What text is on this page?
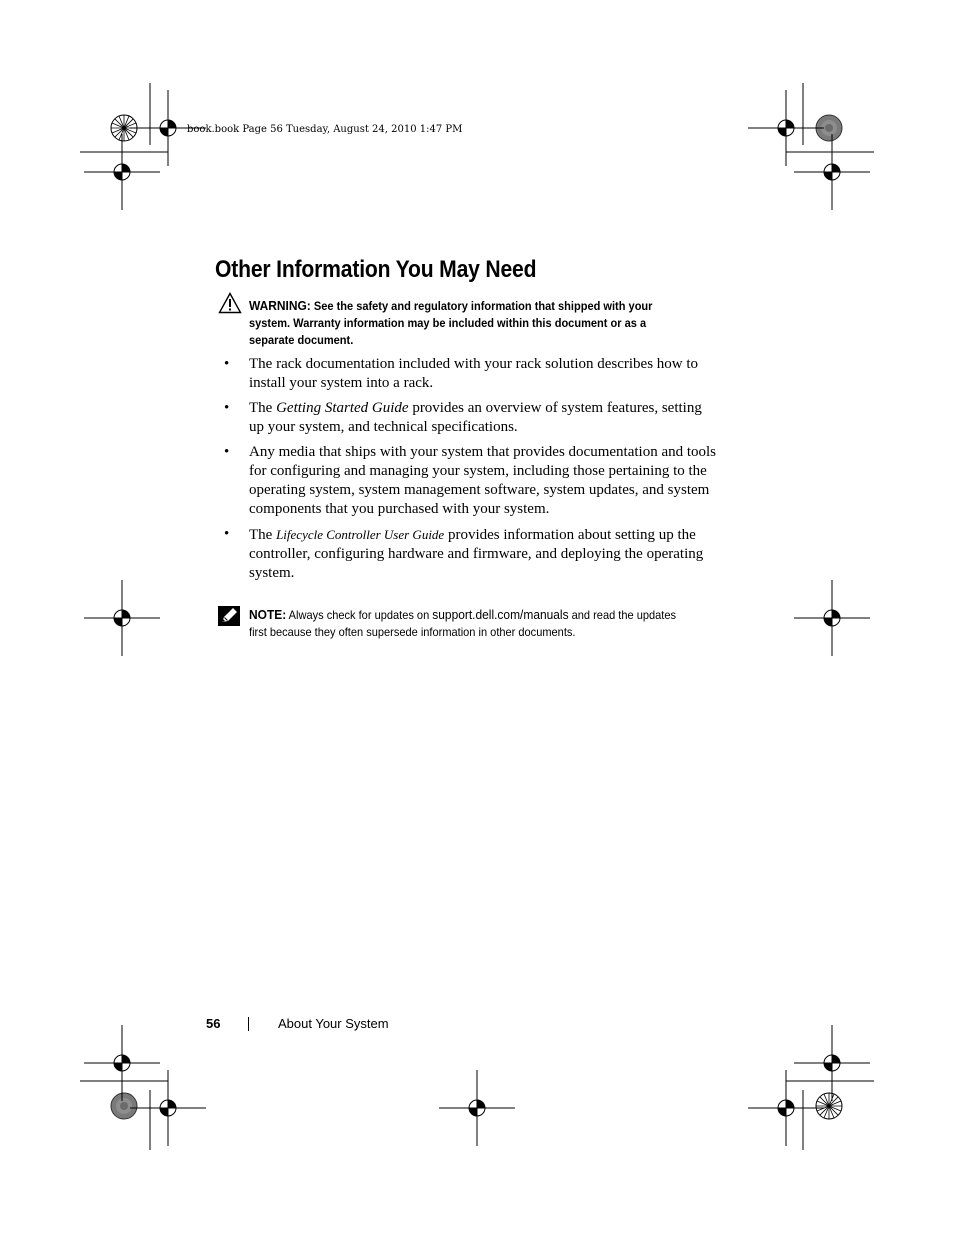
book.book Page 56 Tuesday, August 24, 2010 1:47 PM
Other Information You May Need
WARNING: See the safety and regulatory information that shipped with your system. Warranty information may be included within this document or as a separate document.
• The rack documentation included with your rack solution describes how to install your system into a rack.
• The Getting Started Guide provides an overview of system features, setting up your system, and technical specifications.
• Any media that ships with your system that provides documentation and tools for configuring and managing your system, including those pertaining to the operating system, system management software, system updates, and system components that you purchased with your system.
• The Lifecycle Controller User Guide provides information about setting up the controller, configuring hardware and firmware, and deploying the operating system.
NOTE: Always check for updates on support.dell.com/manuals and read the updates first because they often supersede information in other documents.
56	About Your System
